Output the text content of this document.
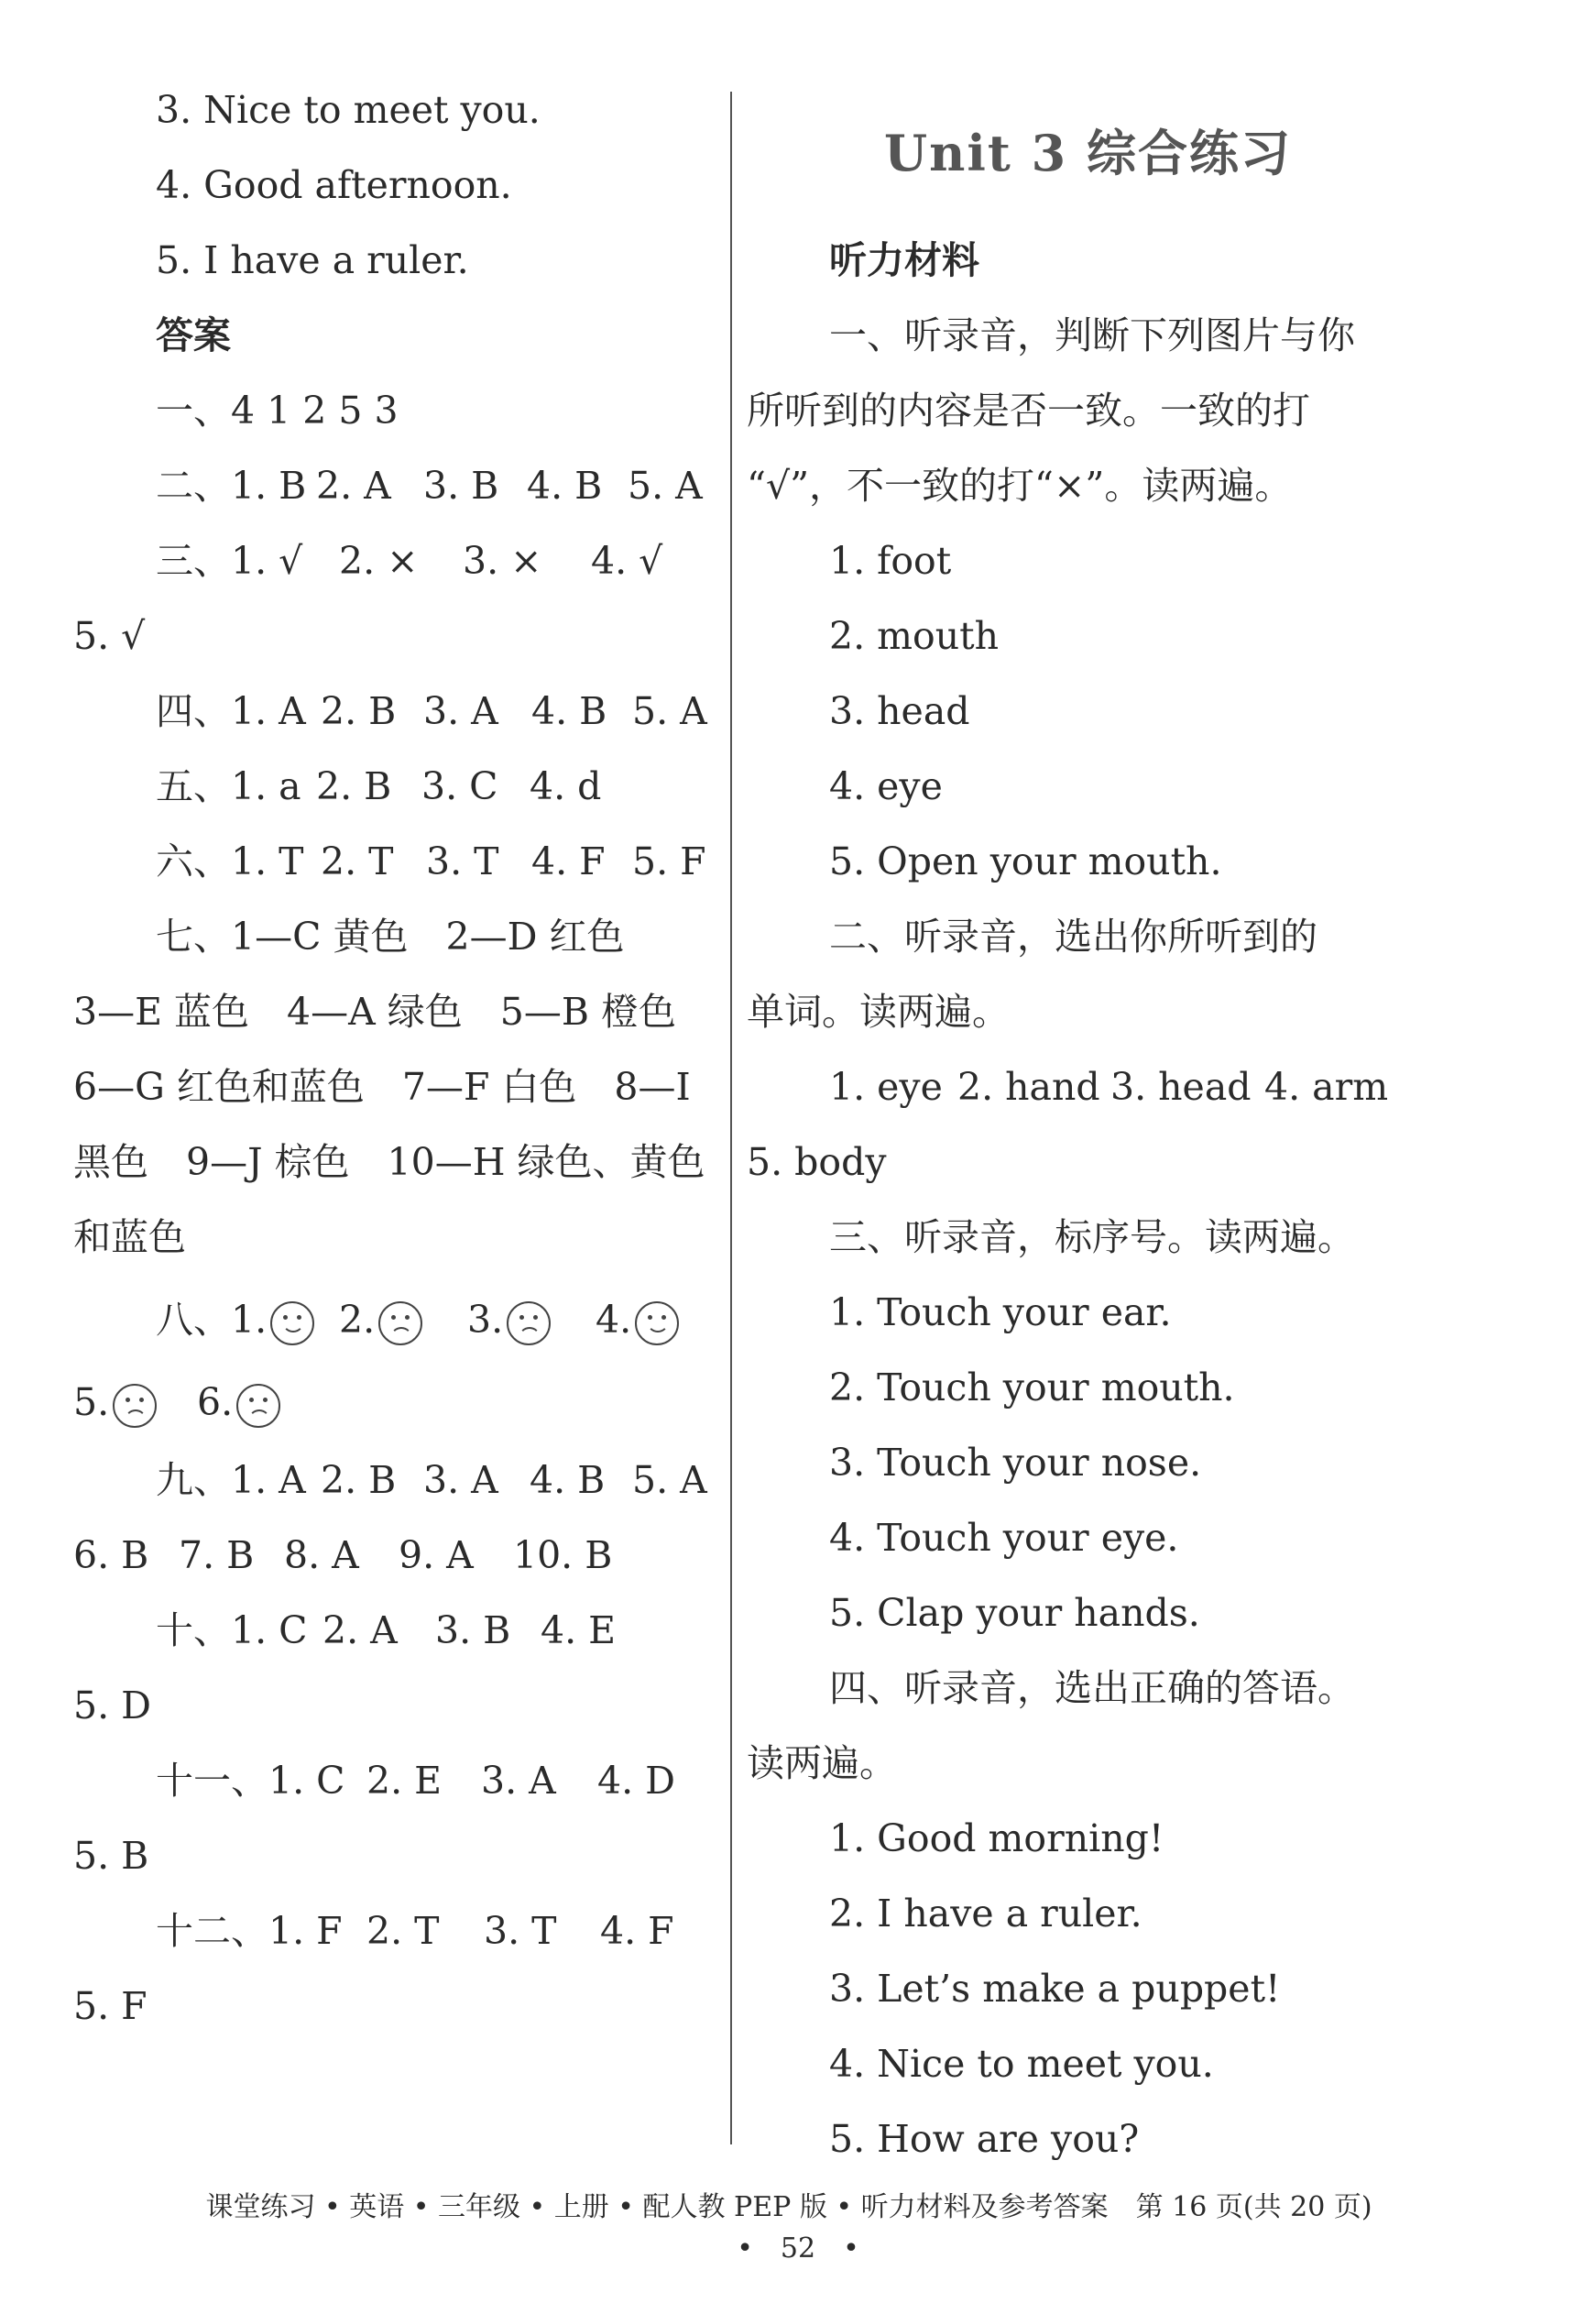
3. Nice to meet you.
4. Good afternoon.
5. I have a ruler.
答案
一、4 1 2 5 3
二、1. B 2. A 3. B 4. B 5. A
三、1. √ 2. × 3. × 4. √
5. √
四、1. A 2. B 3. A 4. B 5. A
五、1. a 2. B 3. C 4. d
六、1. T 2. T 3. T 4. F 5. F
七、1—C 黄色　2—D 红色
3—E 蓝色　4—A 绿色　5—B 橙色
6—G 红色和蓝色　7—F 白色　8—I
黑色　9—J 棕色　10—H 绿色、黄色
和蓝色
八、1.	2.	3.	4.
5.	6.
九、1. A 2. B 3. A 4. B 5. A
6. B 7. B 8. A 9. A 10. B
十、1. C 2. A 3. B 4. E
5. D
十一、1. C 2. E 3. A 4. D
5. B
十二、1. F 2. T 3. T 4. F
5. F
Unit 3 综合练习
听力材料
一、听录音，判断下列图片与你
所听到的内容是否一致。一致的打
“√”，不一致的打“×”。读两遍。
1. foot
2. mouth
3. head
4. eye
5. Open your mouth.
二、听录音，选出你所听到的
单词。读两遍。
1. eye 2. hand 3. head 4. arm
5. body
三、听录音，标序号。读两遍。
1. Touch your ear.
2. Touch your mouth.
3. Touch your nose.
4. Touch your eye.
5. Clap your hands.
四、听录音，选出正确的答语。
读两遍。
1. Good morning!
2. I have a ruler.
3. Let’s make a puppet!
4. Nice to meet you.
5. How are you?
课堂练习 • 英语 • 三年级 • 上册 • 配人教 PEP 版 • 听力材料及参考答案　第 16 页(共 20 页)
•　52　•
